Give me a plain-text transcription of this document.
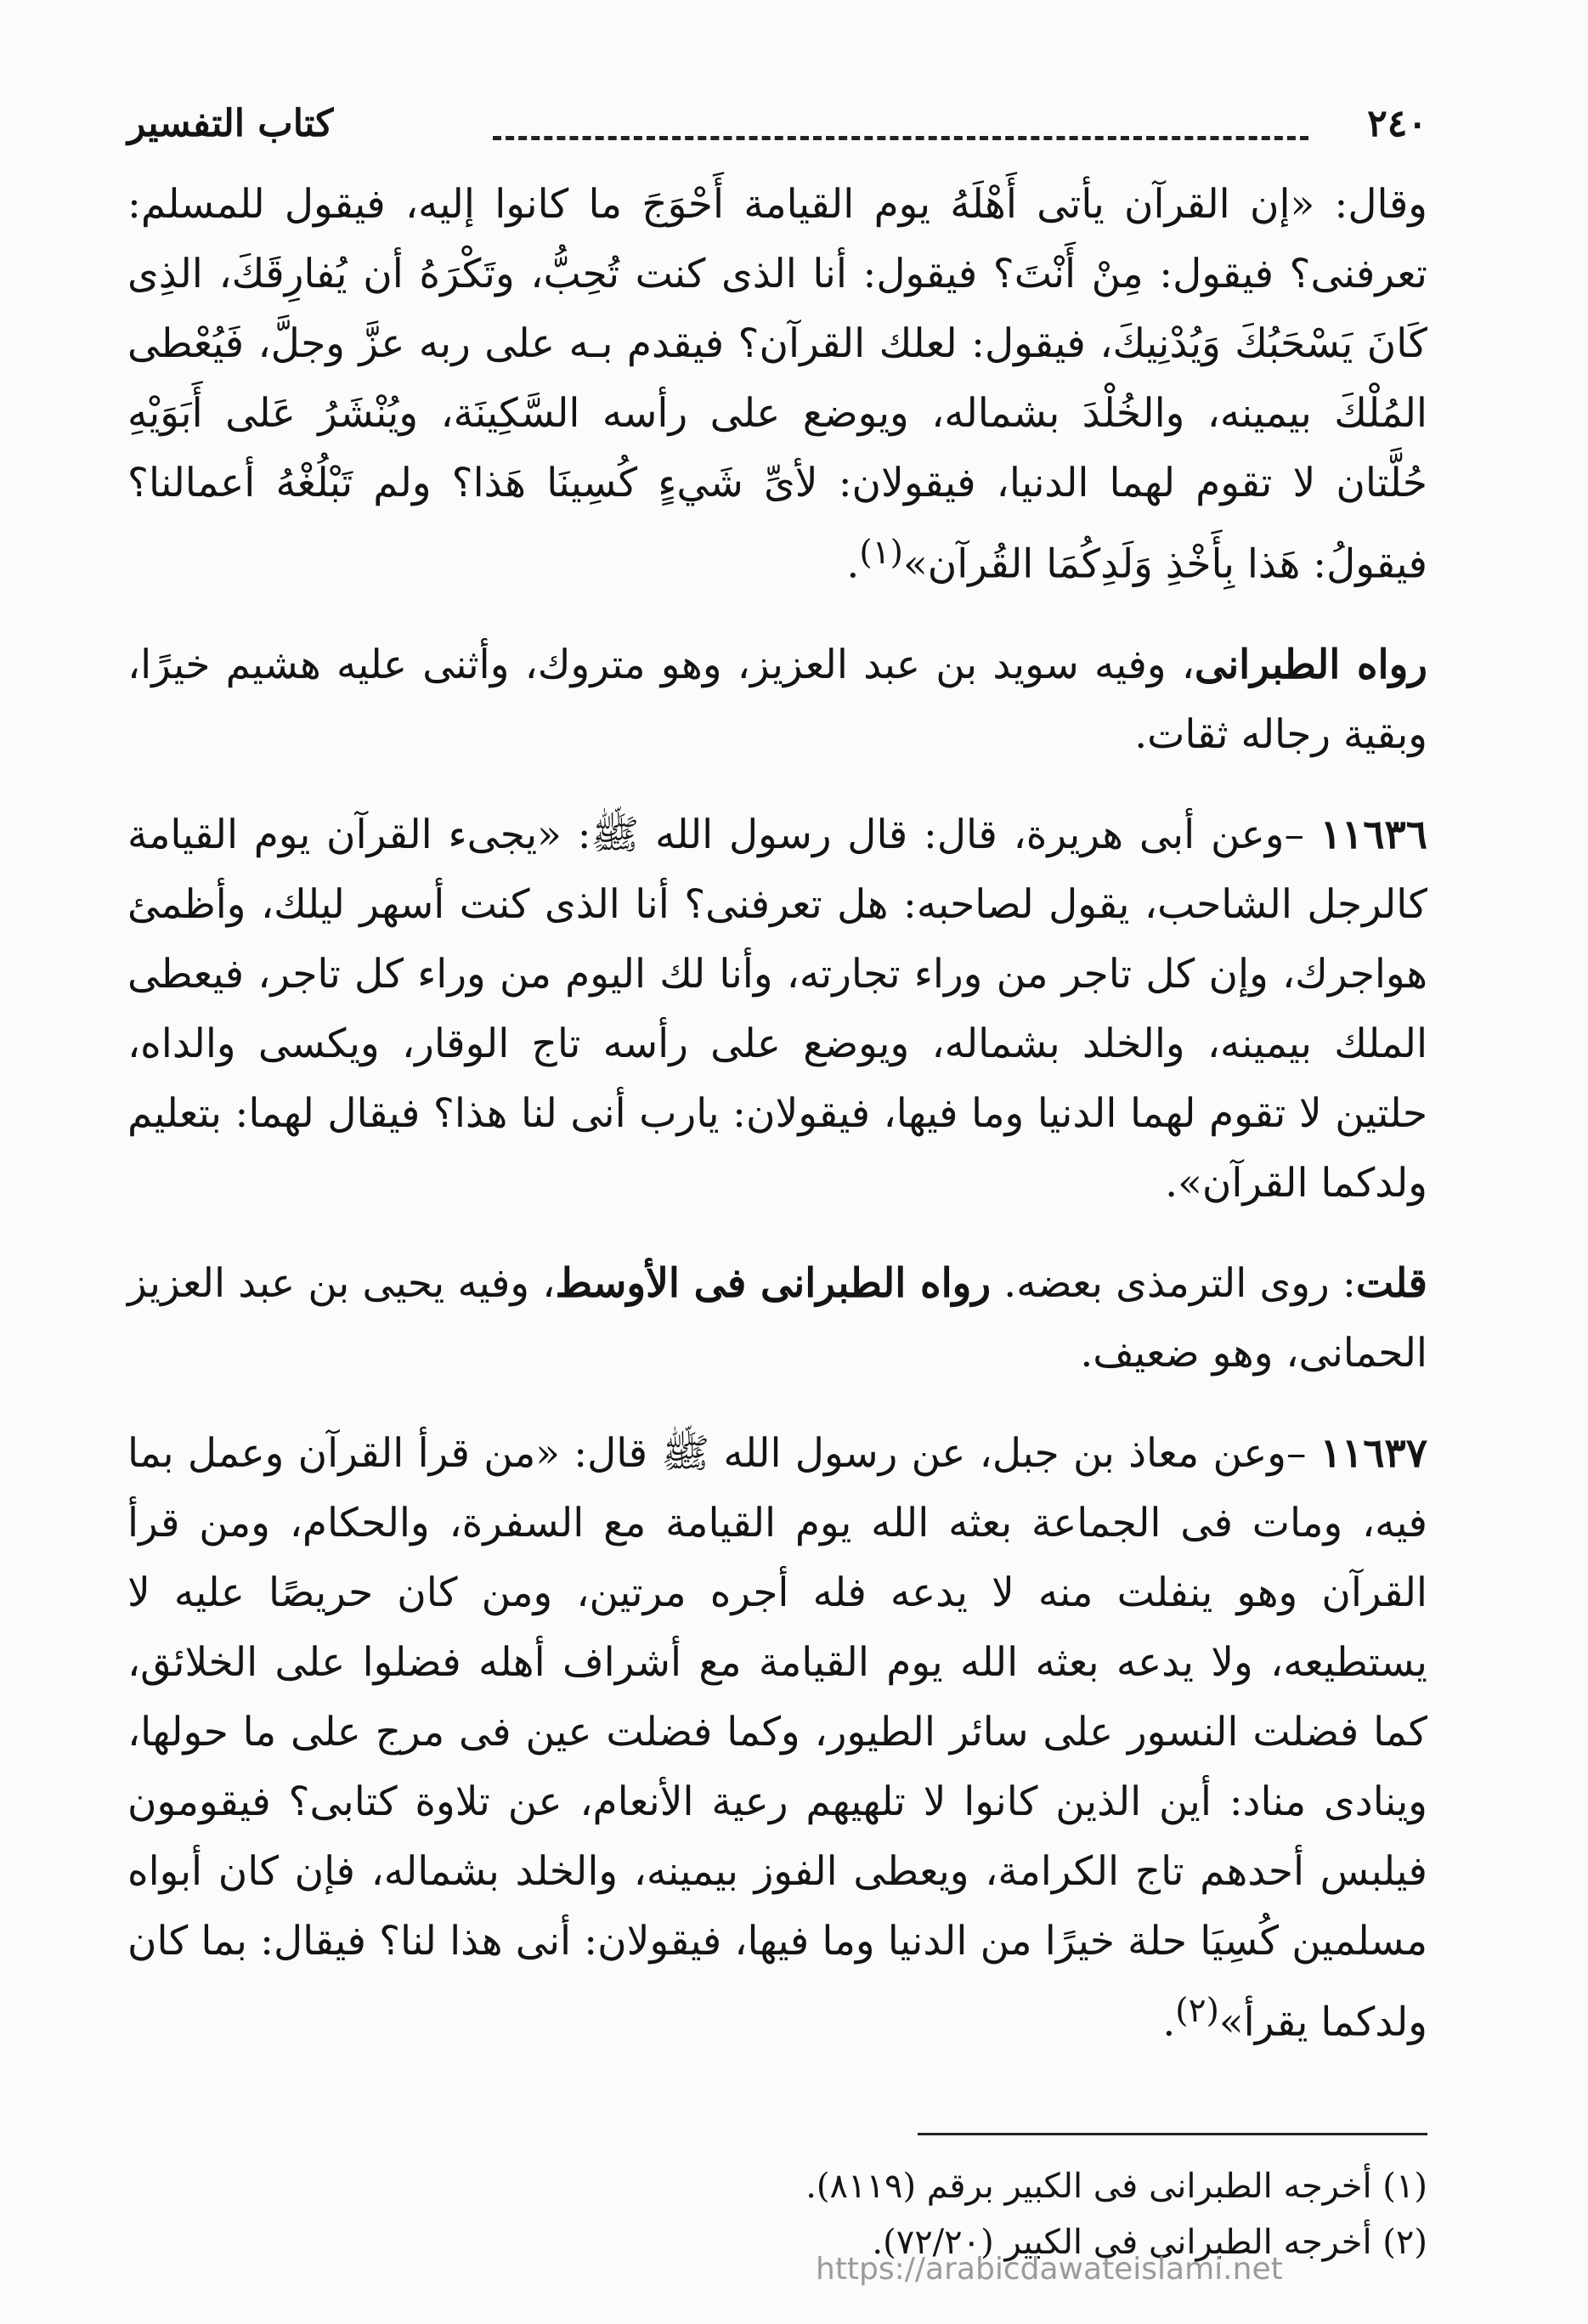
٢٤٠
كتاب التفسير

وقال: «إن القرآن يأتى أَهْلَهُ يوم القيامة أَحْوَجَ ما كانوا إليه، فيقول للمسلم: تعرفنى؟ فيقول: مِنْ أَنْتَ؟ فيقول: أنا الذى كنت تُحِبُّ، وتَكْرَهُ أن يُفارِقَكَ، الذِى كَانَ يَسْحَبُكَ وَيُدْنِيكَ، فيقول: لعلك القرآن؟ فيقدم بـه على ربه عزَّ وجلَّ، فَيُعْطى المُلْكَ بيمينه، والخُلْدَ بشماله، ويوضع على رأسه السَّكِينَة، ويُنْشَرُ عَلى أَبَوَيْهِ حُلَّتان لا تقوم لهما الدنيا، فيقولان: لأىِّ شَيءٍ كُسِينَا هَذا؟ ولم تَبْلُغْهُ أعمالنا؟ فيقولُ: هَذا بِأَخْذِ وَلَدِكُمَا القُرآن»$^{(١)}$.

رواه الطبرانى، وفيه سويد بن عبد العزيز، وهو متروك، وأثنى عليه هشيم خيرًا، وبقية رجاله ثقات.

١١٦٣٦ –وعن أبى هريرة، قال: قال رسول الله ﷺ: «يجىء القرآن يوم القيامة كالرجل الشاحب، يقول لصاحبه: هل تعرفنى؟ أنا الذى كنت أسهر ليلك، وأظمئ هواجرك، وإن كل تاجر من وراء تجارته، وأنا لك اليوم من وراء كل تاجر، فيعطى الملك بيمينه، والخلد بشماله، ويوضع على رأسه تاج الوقار، ويكسى والداه، حلتين لا تقوم لهما الدنيا وما فيها، فيقولان: يارب أنى لنا هذا؟ فيقال لهما: بتعليم ولدكما القرآن».

قلت: روى الترمذى بعضه. رواه الطبرانى فى الأوسط، وفيه يحيى بن عبد العزيز الحمانى، وهو ضعيف.

١١٦٣٧ –وعن معاذ بن جبل، عن رسول الله ﷺ قال: «من قرأ القرآن وعمل بما فيه، ومات فى الجماعة بعثه الله يوم القيامة مع السفرة، والحكام، ومن قرأ القرآن وهو ينفلت منه لا يدعه فله أجره مرتين، ومن كان حريصًا عليه لا يستطيعه، ولا يدعه بعثه الله يوم القيامة مع أشراف أهله فضلوا على الخلائق، كما فضلت النسور على سائر الطيور، وكما فضلت عين فى مرج على ما حولها، وينادى مناد: أين الذين كانوا لا تلهيهم رعية الأنعام، عن تلاوة كتابى؟ فيقومون فيلبس أحدهم تاج الكرامة، ويعطى الفوز بيمينه، والخلد بشماله، فإن كان أبواه مسلمين كُسِيَا حلة خيرًا من الدنيا وما فيها، فيقولان: أنى هذا لنا؟ فيقال: بما كان ولدكما يقرأ»$^{(٢)}$.

(١) أخرجه الطبرانى فى الكبير برقم (٨١١٩).
(٢) أخرجه الطبرانى فى الكبير (٧٢/٢٠).
https://arabicdawateislami.net
